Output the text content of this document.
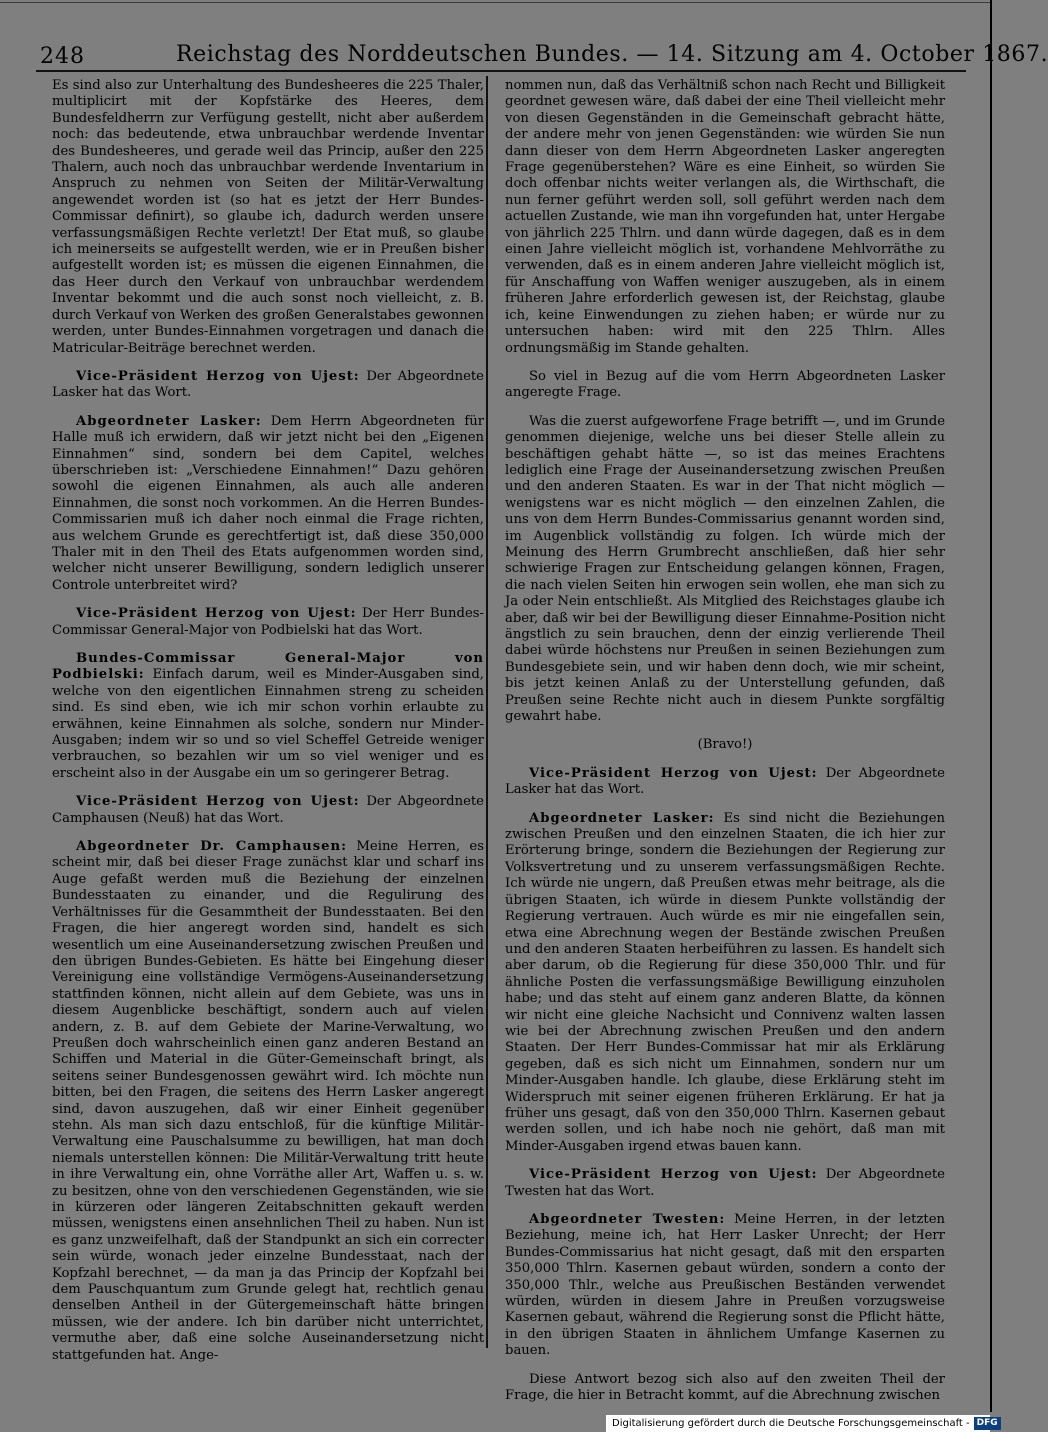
248	Reichstag des Norddeutschen Bundes. — 14. Sitzung am 4. October 1867.

Es sind also zur Unterhaltung des Bundesheeres die 225 Thaler, multiplicirt mit der Kopfstärke des Heeres, dem Bundesfeldherrn zur Verfügung gestellt, nicht aber außerdem noch: das bedeutende, etwa unbrauchbar werdende Inventar des Bundesheeres, und gerade weil das Princip, außer den 225 Thalern, auch noch das unbrauchbar werdende Inventarium in Anspruch zu nehmen von Seiten der Militär-Verwaltung angewendet worden ist (so hat es jetzt der Herr Bundes-Commissar definirt), so glaube ich, dadurch werden unsere verfassungsmäßigen Rechte verletzt! Der Etat muß, so glaube ich meinerseits se aufgestellt werden, wie er in Preußen bisher aufgestellt worden ist; es müssen die eigenen Einnahmen, die das Heer durch den Verkauf von unbrauchbar werdendem Inventar bekommt und die auch sonst noch vielleicht, z. B. durch Verkauf von Werken des großen Generalstabes gewonnen werden, unter Bundes-Einnahmen vorgetragen und danach die Matricular-Beiträge berechnet werden.

Vice-Präsident Herzog von Ujest: Der Abgeordnete Lasker hat das Wort.

Abgeordneter Lasker: Dem Herrn Abgeordneten für Halle muß ich erwidern, daß wir jetzt nicht bei den „Eigenen Einnahmen“ sind, sondern bei dem Capitel, welches überschrieben ist: „Verschiedene Einnahmen!“ Dazu gehören sowohl die eigenen Einnahmen, als auch alle anderen Einnahmen, die sonst noch vorkommen. An die Herren Bundes-Commissarien muß ich daher noch einmal die Frage richten, aus welchem Grunde es gerechtfertigt ist, daß diese 350,000 Thaler mit in den Theil des Etats aufgenommen worden sind, welcher nicht unserer Bewilligung, sondern lediglich unserer Controle unterbreitet wird?

Vice-Präsident Herzog von Ujest: Der Herr Bundes-Commissar General-Major von Podbielski hat das Wort.

Bundes-Commissar General-Major von Podbielski: Einfach darum, weil es Minder-Ausgaben sind, welche von den eigentlichen Einnahmen streng zu scheiden sind. Es sind eben, wie ich mir schon vorhin erlaubte zu erwähnen, keine Einnahmen als solche, sondern nur Minder-Ausgaben; indem wir so und so viel Scheffel Getreide weniger verbrauchen, so bezahlen wir um so viel weniger und es erscheint also in der Ausgabe ein um so geringerer Betrag.

Vice-Präsident Herzog von Ujest: Der Abgeordnete Camphausen (Neuß) hat das Wort.

Abgeordneter Dr. Camphausen: Meine Herren, es scheint mir, daß bei dieser Frage zunächst klar und scharf ins Auge gefaßt werden muß die Beziehung der einzelnen Bundesstaaten zu einander, und die Regulirung des Verhältnisses für die Gesammtheit der Bundesstaaten. Bei den Fragen, die hier angeregt worden sind, handelt es sich wesentlich um eine Auseinandersetzung zwischen Preußen und den übrigen Bundes-Gebieten. Es hätte bei Eingehung dieser Vereinigung eine vollständige Vermögens-Auseinandersetzung stattfinden können, nicht allein auf dem Gebiete, was uns in diesem Augenblicke beschäftigt, sondern auch auf vielen andern, z. B. auf dem Gebiete der Marine-Verwaltung, wo Preußen doch wahrscheinlich einen ganz anderen Bestand an Schiffen und Material in die Güter-Gemeinschaft bringt, als seitens seiner Bundesgenossen gewährt wird. Ich möchte nun bitten, bei den Fragen, die seitens des Herrn Lasker angeregt sind, davon auszugehen, daß wir einer Einheit gegenüber stehn. Als man sich dazu entschloß, für die künftige Militär-Verwaltung eine Pauschalsumme zu bewilligen, hat man doch niemals unterstellen können: Die Militär-Verwaltung tritt heute in ihre Verwaltung ein, ohne Vorräthe aller Art, Waffen u. s. w. zu besitzen, ohne von den verschiedenen Gegenständen, wie sie in kürzeren oder längeren Zeitabschnitten gekauft werden müssen, wenigstens einen ansehnlichen Theil zu haben. Nun ist es ganz unzweifelhaft, daß der Standpunkt an sich ein correcter sein würde, wonach jeder einzelne Bundesstaat, nach der Kopfzahl berechnet, — da man ja das Princip der Kopfzahl bei dem Pauschquantum zum Grunde gelegt hat, rechtlich genau denselben Antheil in der Gütergemeinschaft hätte bringen müssen, wie der andere. Ich bin darüber nicht unterrichtet, vermuthe aber, daß eine solche Auseinandersetzung nicht stattgefunden hat. Ange-

nommen nun, daß das Verhältniß schon nach Recht und Billigkeit geordnet gewesen wäre, daß dabei der eine Theil vielleicht mehr von diesen Gegenständen in die Gemeinschaft gebracht hätte, der andere mehr von jenen Gegenständen: wie würden Sie nun dann dieser von dem Herrn Abgeordneten Lasker angeregten Frage gegenüberstehen? Wäre es eine Einheit, so würden Sie doch offenbar nichts weiter verlangen als, die Wirthschaft, die nun ferner geführt werden soll, soll geführt werden nach dem actuellen Zustande, wie man ihn vorgefunden hat, unter Hergabe von jährlich 225 Thlrn. und dann würde dagegen, daß es in dem einen Jahre vielleicht möglich ist, vorhandene Mehlvorräthe zu verwenden, daß es in einem anderen Jahre vielleicht möglich ist, für Anschaffung von Waffen weniger auszugeben, als in einem früheren Jahre erforderlich gewesen ist, der Reichstag, glaube ich, keine Einwendungen zu ziehen haben; er würde nur zu untersuchen haben: wird mit den 225 Thlrn. Alles ordnungsmäßig im Stande gehalten.

So viel in Bezug auf die vom Herrn Abgeordneten Lasker angeregte Frage.

Was die zuerst aufgeworfene Frage betrifft —, und im Grunde genommen diejenige, welche uns bei dieser Stelle allein zu beschäftigen gehabt hätte —, so ist das meines Erachtens lediglich eine Frage der Auseinandersetzung zwischen Preußen und den anderen Staaten. Es war in der That nicht möglich — wenigstens war es nicht möglich — den einzelnen Zahlen, die uns von dem Herrn Bundes-Commissarius genannt worden sind, im Augenblick vollständig zu folgen. Ich würde mich der Meinung des Herrn Grumbrecht anschließen, daß hier sehr schwierige Fragen zur Entscheidung gelangen können, Fragen, die nach vielen Seiten hin erwogen sein wollen, ehe man sich zu Ja oder Nein entschließt. Als Mitglied des Reichstages glaube ich aber, daß wir bei der Bewilligung dieser Einnahme-Position nicht ängstlich zu sein brauchen, denn der einzig verlierende Theil dabei würde höchstens nur Preußen in seinen Beziehungen zum Bundesgebiete sein, und wir haben denn doch, wie mir scheint, bis jetzt keinen Anlaß zu der Unterstellung gefunden, daß Preußen seine Rechte nicht auch in diesem Punkte sorgfältig gewahrt habe.

(Bravo!)

Vice-Präsident Herzog von Ujest: Der Abgeordnete Lasker hat das Wort.

Abgeordneter Lasker: Es sind nicht die Beziehungen zwischen Preußen und den einzelnen Staaten, die ich hier zur Erörterung bringe, sondern die Beziehungen der Regierung zur Volksvertretung und zu unserem verfassungsmäßigen Rechte. Ich würde nie ungern, daß Preußen etwas mehr beitrage, als die übrigen Staaten, ich würde in diesem Punkte vollständig der Regierung vertrauen. Auch würde es mir nie eingefallen sein, etwa eine Abrechnung wegen der Bestände zwischen Preußen und den anderen Staaten herbeiführen zu lassen. Es handelt sich aber darum, ob die Regierung für diese 350,000 Thlr. und für ähnliche Posten die verfassungsmäßige Bewilligung einzuholen habe; und das steht auf einem ganz anderen Blatte, da können wir nicht eine gleiche Nachsicht und Connivenz walten lassen wie bei der Abrechnung zwischen Preußen und den andern Staaten. Der Herr Bundes-Commissar hat mir als Erklärung gegeben, daß es sich nicht um Einnahmen, sondern nur um Minder-Ausgaben handle. Ich glaube, diese Erklärung steht im Widerspruch mit seiner eigenen früheren Erklärung. Er hat ja früher uns gesagt, daß von den 350,000 Thlrn. Kasernen gebaut werden sollen, und ich habe noch nie gehört, daß man mit Minder-Ausgaben irgend etwas bauen kann.

Vice-Präsident Herzog von Ujest: Der Abgeordnete Twesten hat das Wort.

Abgeordneter Twesten: Meine Herren, in der letzten Beziehung, meine ich, hat Herr Lasker Unrecht; der Herr Bundes-Commissarius hat nicht gesagt, daß mit den ersparten 350,000 Thlrn. Kasernen gebaut würden, sondern a conto der 350,000 Thlr., welche aus Preußischen Beständen verwendet würden, würden in diesem Jahre in Preußen vorzugsweise Kasernen gebaut, während die Regierung sonst die Pflicht hätte, in den übrigen Staaten in ähnlichem Umfange Kasernen zu bauen.

Diese Antwort bezog sich also auf den zweiten Theil der Frage, die hier in Betracht kommt, auf die Abrechnung zwischen

Digitalisierung gefördert durch die Deutsche Forschungsgemeinschaft - DFG
